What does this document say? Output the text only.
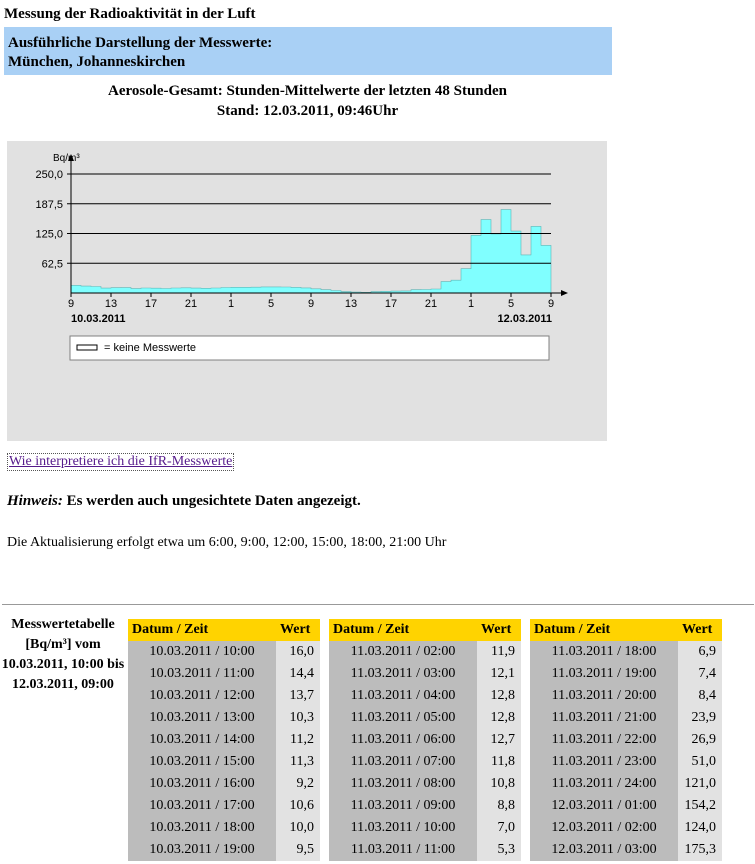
Messung der Radioaktivität in der Luft
Ausführliche Darstellung der Messwerte:
München, Johanneskirchen
Aerosole-Gesamt: Stunden-Mittelwerte der letzten 48 Stunden
Stand: 12.03.2011, 09:46Uhr
62,5
125,0
187,5
250,0
Bq/m³
9	13	17	21	1	5	9	13	17	21	1	5	9
10.03.2011	12.03.2011
= keine Messwerte
Wie interpretiere ich die IfR-Messwerte
Hinweis: Es werden auch ungesichtete Daten angezeigt.
Die Aktualisierung erfolgt etwa um 6:00, 9:00, 12:00, 15:00, 18:00, 21:00 Uhr
Messwertetabelle [Bq/m³] vom 10.03.2011, 10:00 bis 12.03.2011, 09:00
Datum / Zeit	Wert
10.03.2011 / 10:00	16,0
10.03.2011 / 11:00	14,4
10.03.2011 / 12:00	13,7
10.03.2011 / 13:00	10,3
10.03.2011 / 14:00	11,2
10.03.2011 / 15:00	11,3
10.03.2011 / 16:00	9,2
10.03.2011 / 17:00	10,6
10.03.2011 / 18:00	10,0
10.03.2011 / 19:00	9,5
Datum / Zeit	Wert
11.03.2011 / 02:00	11,9
11.03.2011 / 03:00	12,1
11.03.2011 / 04:00	12,8
11.03.2011 / 05:00	12,8
11.03.2011 / 06:00	12,7
11.03.2011 / 07:00	11,8
11.03.2011 / 08:00	10,8
11.03.2011 / 09:00	8,8
11.03.2011 / 10:00	7,0
11.03.2011 / 11:00	5,3
Datum / Zeit	Wert
11.03.2011 / 18:00	6,9
11.03.2011 / 19:00	7,4
11.03.2011 / 20:00	8,4
11.03.2011 / 21:00	23,9
11.03.2011 / 22:00	26,9
11.03.2011 / 23:00	51,0
11.03.2011 / 24:00	121,0
12.03.2011 / 01:00	154,2
12.03.2011 / 02:00	124,0
12.03.2011 / 03:00	175,3
